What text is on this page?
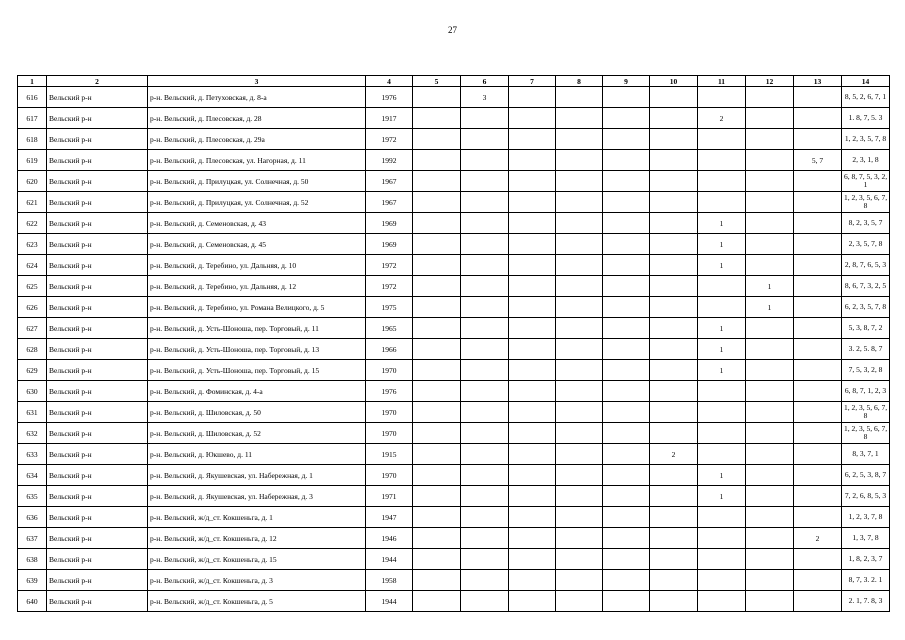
27
1	2	3	4	5	6	7	8	9	10	11	12	13	14
616	Вельский р-н	р-н. Вельский, д. Петуховская, д. 8-а	1976		3								8, 5, 2, 6, 7, 1
617	Вельский р-н	р-н. Вельский, д. Плесовская, д. 28	1917							2			1. 8, 7, 5. 3
618	Вельский р-н	р-н. Вельский, д. Плесовская, д. 29а	1972										1, 2, 3, 5, 7, 8
619	Вельский р-н	р-н. Вельский, д. Плесовская, ул. Нагорная, д. 11	1992									5, 7	2, 3, 1, 8
620	Вельский р-н	р-н. Вельский, д. Прилуцкая, ул. Солнечная, д. 50	1967										6, 8, 7, 5, 3, 2, 1
621	Вельский р-н	р-н. Вельский, д. Прилуцкая, ул. Солнечная, д. 52	1967										1, 2, 3, 5, 6, 7, 8
622	Вельский р-н	р-н. Вельский, д. Семеновская, д. 43	1969							1			8, 2, 3, 5, 7
623	Вельский р-н	р-н. Вельский, д. Семеновская, д. 45	1969							1			2, 3, 5, 7, 8
624	Вельский р-н	р-н. Вельский, д. Теребино, ул. Дальняя, д. 10	1972							1			2, 8, 7, 6, 5, 3
625	Вельский р-н	р-н. Вельский, д. Теребино, ул. Дальняя, д. 12	1972								1		8, 6, 7, 3, 2, 5
626	Вельский р-н	р-н. Вельский, д. Теребино, ул. Романа Велицкого, д. 5	1975								1		6, 2, 3, 5, 7, 8
627	Вельский р-н	р-н. Вельский, д. Усть-Шоноша, пер. Торговый, д. 11	1965							1			5, 3, 8, 7, 2
628	Вельский р-н	р-н. Вельский, д. Усть-Шоноша, пер. Торговый, д. 13	1966							1			3. 2, 5. 8, 7
629	Вельский р-н	р-н. Вельский, д. Усть-Шоноша, пер. Торговый, д. 15	1970							1			7, 5, 3, 2, 8
630	Вельский р-н	р-н. Вельский, д. Фоминская, д. 4-а	1976										6, 8, 7, 1, 2, 3
631	Вельский р-н	р-н. Вельский, д. Шиловская, д. 50	1970										1, 2, 3, 5, 6, 7, 8
632	Вельский р-н	р-н. Вельский, д. Шиловская, д. 52	1970										1, 2, 3, 5, 6, 7, 8
633	Вельский р-н	р-н. Вельский, д. Юкшево, д. 11	1915						2				8, 3, 7, 1
634	Вельский р-н	р-н. Вельский, д. Якушевская, ул. Набережная, д. 1	1970							1			6, 2, 5, 3, 8, 7
635	Вельский р-н	р-н. Вельский, д. Якушевская, ул. Набережная, д. 3	1971							1			7, 2, 6, 8, 5, 3
636	Вельский р-н	р-н. Вельский, ж/д_ст. Кокшеньга, д. 1	1947										1, 2, 3, 7, 8
637	Вельский р-н	р-н. Вельский, ж/д_ст. Кокшеньга, д. 12	1946									2	1, 3, 7, 8
638	Вельский р-н	р-н. Вельский, ж/д_ст. Кокшеньга, д. 15	1944										1, 8, 2, 3, 7
639	Вельский р-н	р-н. Вельский, ж/д_ст. Кокшеньга, д. 3	1958										8, 7, 3. 2. 1
640	Вельский р-н	р-н. Вельский, ж/д_ст. Кокшеньга, д. 5	1944										2. 1, 7. 8, 3
